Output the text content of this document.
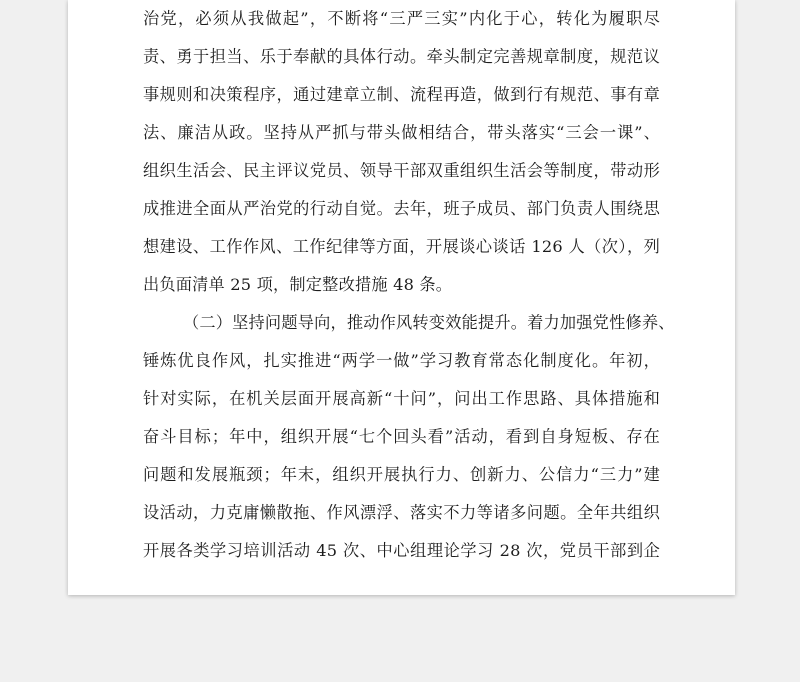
治党，必须从我做起”，不断将“三严三实”内化于心，转化为履职尽
责、勇于担当、乐于奉献的具体行动。牵头制定完善规章制度，规范议
事规则和决策程序，通过建章立制、流程再造，做到行有规范、事有章
法、廉洁从政。坚持从严抓与带头做相结合，带头落实“三会一课”、
组织生活会、民主评议党员、领导干部双重组织生活会等制度，带动形
成推进全面从严治党的行动自觉。去年，班子成员、部门负责人围绕思
想建设、工作作风、工作纪律等方面，开展谈心谈话 126 人（次），列
出负面清单 25 项，制定整改措施 48 条。
（二）坚持问题导向，推动作风转变效能提升。着力加强党性修养、
锤炼优良作风，扎实推进“两学一做”学习教育常态化制度化。年初，
针对实际，在机关层面开展高新“十问”，问出工作思路、具体措施和
奋斗目标；年中，组织开展“七个回头看”活动，看到自身短板、存在
问题和发展瓶颈；年末，组织开展执行力、创新力、公信力“三力”建
设活动，力克庸懒散拖、作风漂浮、落实不力等诸多问题。全年共组织
开展各类学习培训活动 45 次、中心组理论学习 28 次，党员干部到企
